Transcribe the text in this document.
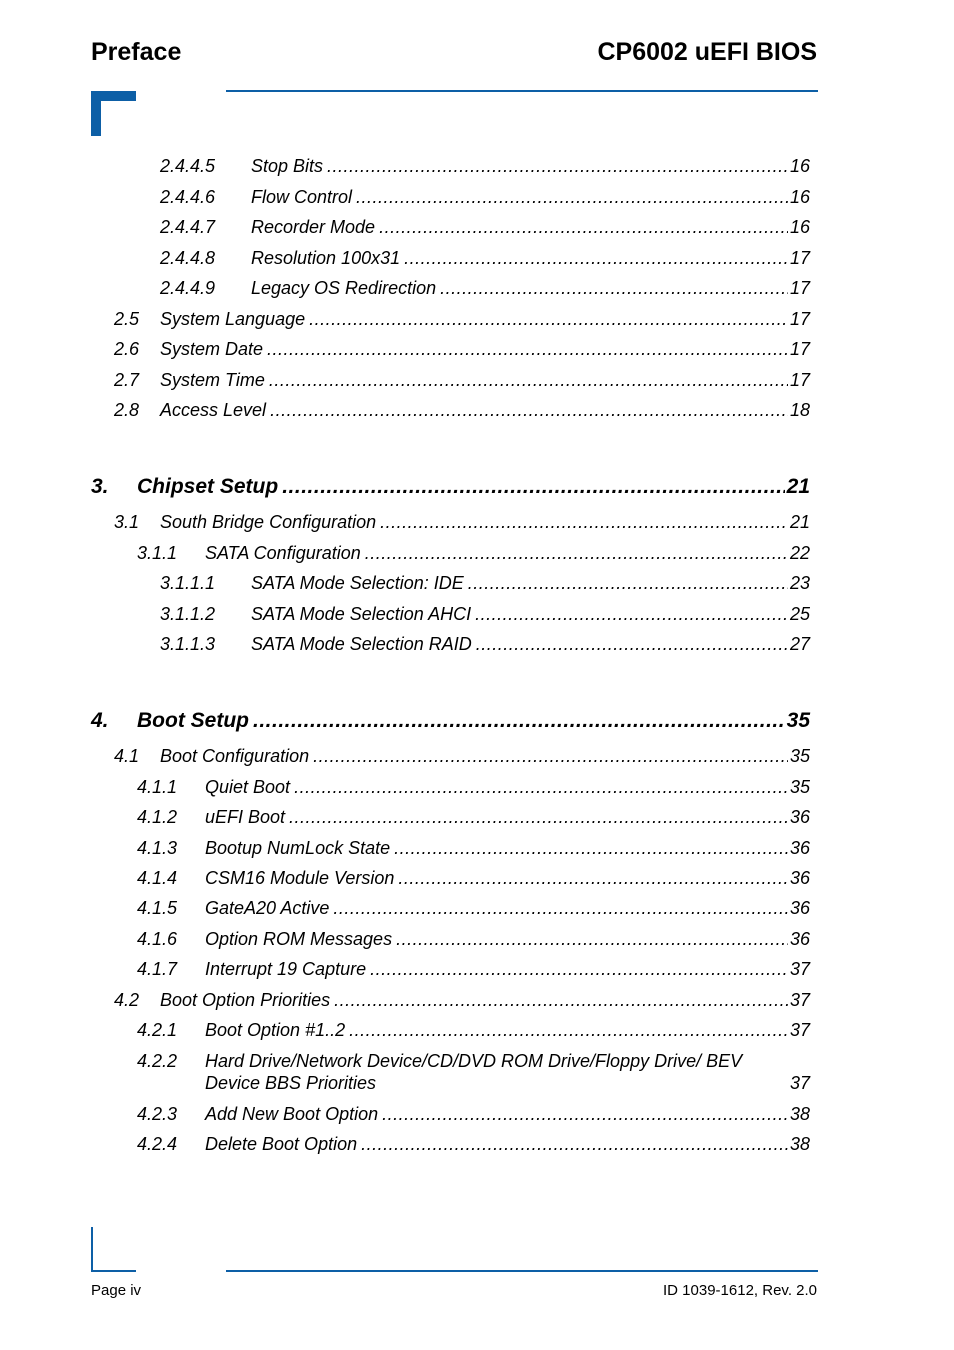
Preface	CP6002 uEFI BIOS
2.4.4.5 Stop Bits .....	16
2.4.4.6 Flow Control .....	16
2.4.4.7 Recorder Mode .....	16
2.4.4.8 Resolution 100x31 .....	17
2.4.4.9 Legacy OS Redirection .....	17
2.5 System Language .....	17
2.6 System Date .....	17
2.7 System Time .....	17
2.8 Access Level .....	18
3. Chipset Setup .....	21
3.1 South Bridge Configuration .....	21
3.1.1 SATA Configuration .....	22
3.1.1.1 SATA Mode Selection: IDE .....	23
3.1.1.2 SATA Mode Selection AHCI .....	25
3.1.1.3 SATA Mode Selection RAID .....	27
4. Boot Setup .....	35
4.1 Boot Configuration .....	35
4.1.1 Quiet Boot .....	35
4.1.2 uEFI Boot .....	36
4.1.3 Bootup NumLock State .....	36
4.1.4 CSM16 Module Version .....	36
4.1.5 GateA20 Active .....	36
4.1.6 Option ROM Messages .....	36
4.1.7 Interrupt 19 Capture .....	37
4.2 Boot Option Priorities .....	37
4.2.1 Boot Option #1..2 .....	37
4.2.2 Hard Drive/Network Device/CD/DVD ROM Drive/Floppy Drive/ BEV
Device BBS Priorities	37
4.2.3 Add New Boot Option .....	38
4.2.4 Delete Boot Option .....	38
Page iv	ID 1039-1612, Rev. 2.0
